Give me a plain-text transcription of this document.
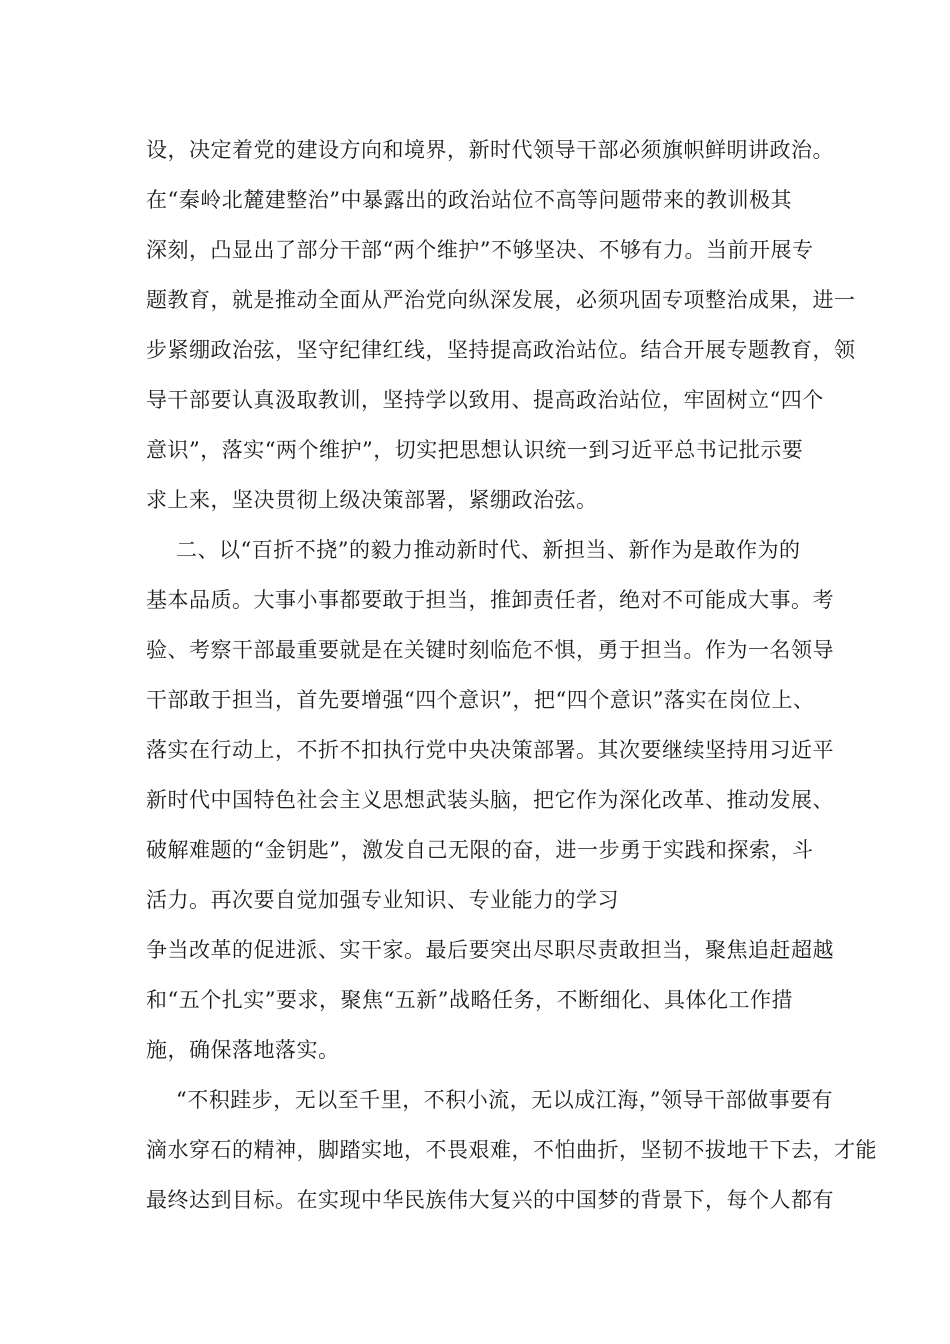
设，决定着党的建设方向和境界，新时代领导干部必须旗帜鲜明讲政治。
在“秦岭北麓建整治”中暴露出的政治站位不高等问题带来的教训极其
深刻，凸显出了部分干部“两个维护”不够坚决、不够有力。当前开展专
题教育，就是推动全面从严治党向纵深发展，必须巩固专项整治成果，进一
步紧绷政治弦，坚守纪律红线，坚持提高政治站位。结合开展专题教育，领
导干部要认真汲取教训，坚持学以致用、提高政治站位，牢固树立“四个
意识”，落实“两个维护”，切实把思想认识统一到习近平总书记批示要
求上来，坚决贯彻上级决策部署，紧绷政治弦。
二、以“百折不挠”的毅力推动新时代、新担当、新作为是敢作为的
基本品质。大事小事都要敢于担当，推卸责任者，绝对不可能成大事。考
验、考察干部最重要就是在关键时刻临危不惧，勇于担当。作为一名领导
干部敢于担当，首先要增强“四个意识”，把“四个意识”落实在岗位上、
落实在行动上，不折不扣执行党中央决策部署。其次要继续坚持用习近平
新时代中国特色社会主义思想武装头脑，把它作为深化改革、推动发展、
破解难题的“金钥匙”，激发自己无限的奋，进一步勇于实践和探索，斗
活力。再次要自觉加强专业知识、专业能力的学习
争当改革的促进派、实干家。最后要突出尽职尽责敢担当，聚焦追赶超越
和“五个扎实”要求，聚焦“五新”战略任务，不断细化、具体化工作措
施，确保落地落实。
“不积跬步，无以至千里，不积小流，无以成江海，”领导干部做事要有
滴水穿石的精神，脚踏实地，不畏艰难，不怕曲折，坚韧不拔地干下去，才能
最终达到目标。在实现中华民族伟大复兴的中国梦的背景下，每个人都有
